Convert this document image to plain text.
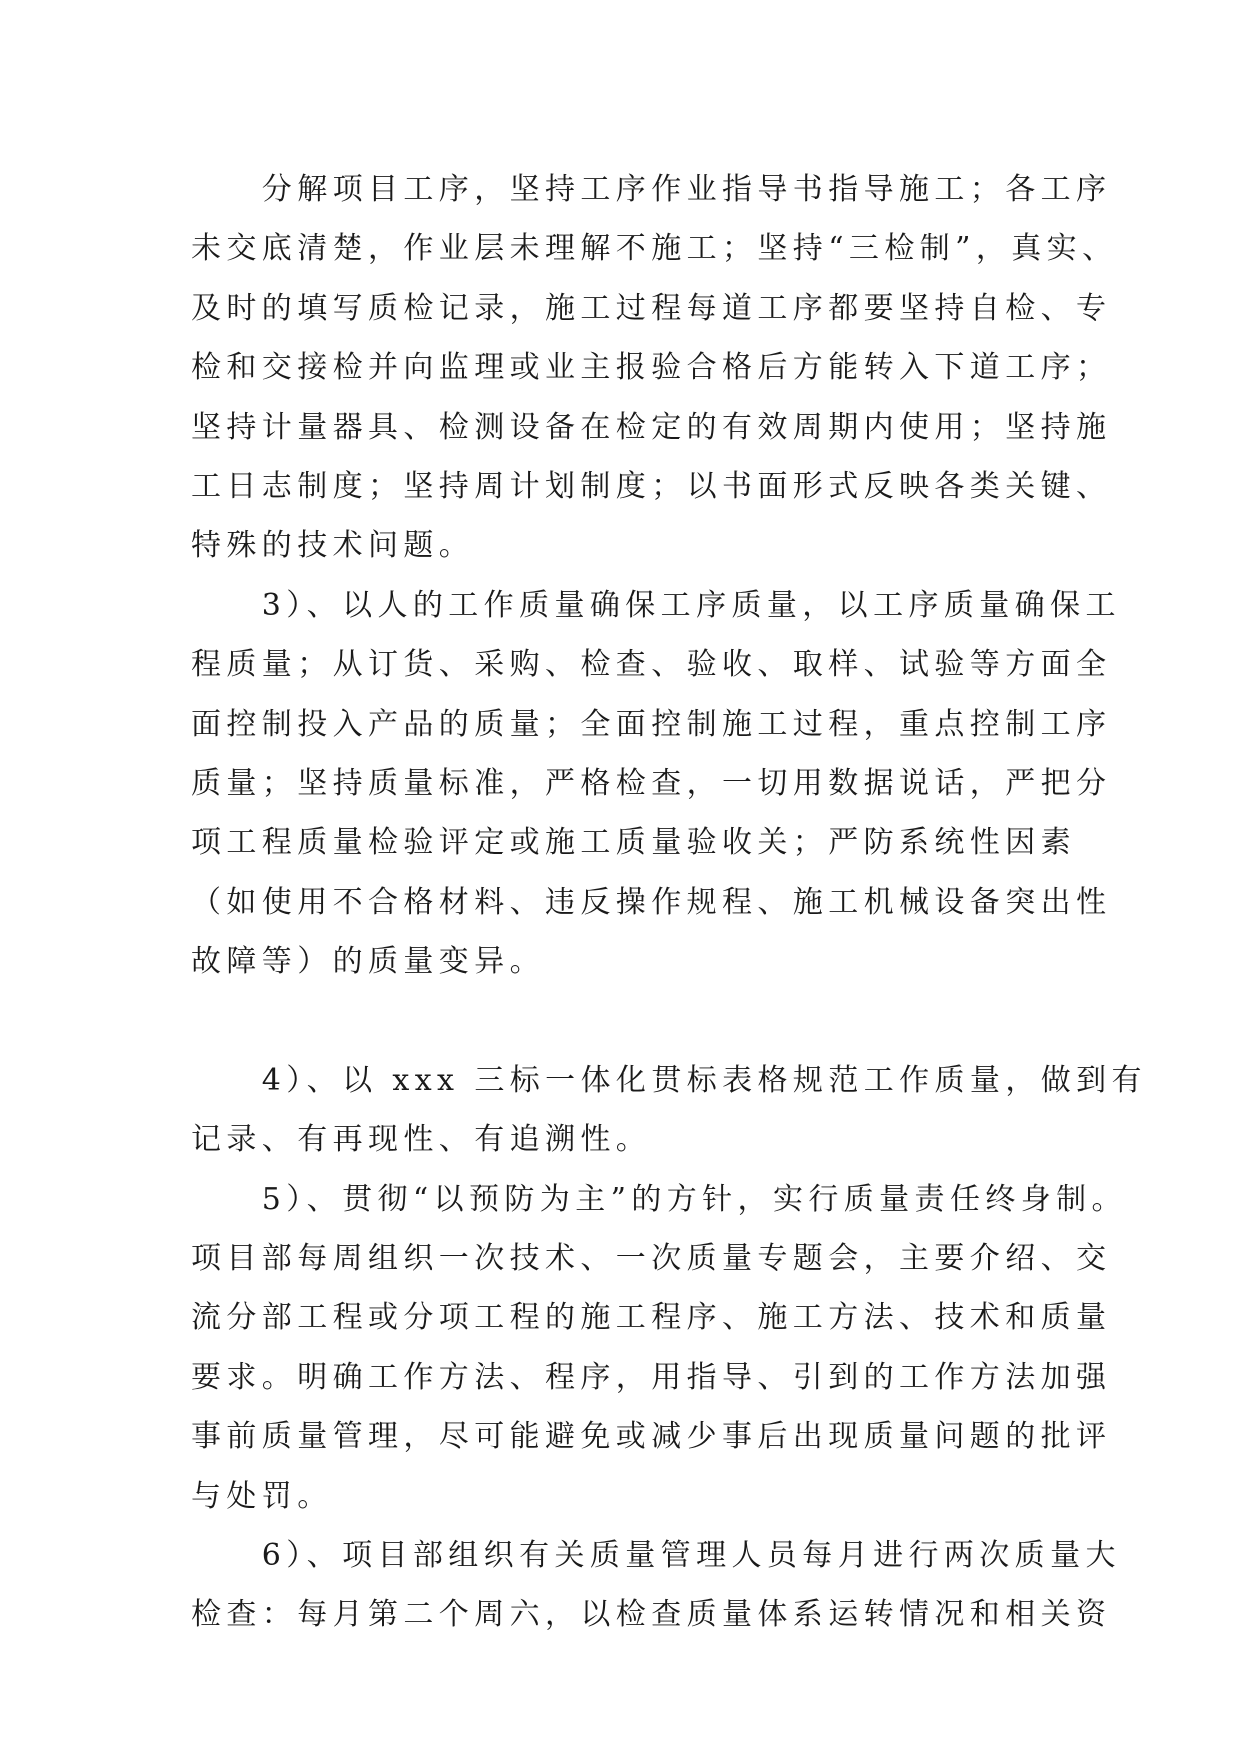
　　分解项目工序，坚持工序作业指导书指导施工；各工序
未交底清楚，作业层未理解不施工；坚持“三检制”，真实、
及时的填写质检记录，施工过程每道工序都要坚持自检、专
检和交接检并向监理或业主报验合格后方能转入下道工序；
坚持计量器具、检测设备在检定的有效周期内使用；坚持施
工日志制度；坚持周计划制度；以书面形式反映各类关键、
特殊的技术问题。
　　3）、以人的工作质量确保工序质量，以工序质量确保工
程质量；从订货、采购、检查、验收、取样、试验等方面全
面控制投入产品的质量；全面控制施工过程，重点控制工序
质量；坚持质量标准，严格检查，一切用数据说话，严把分
项工程质量检验评定或施工质量验收关；严防系统性因素
（如使用不合格材料、违反操作规程、施工机械设备突出性
故障等）的质量变异。
　　4）、以 xxx 三标一体化贯标表格规范工作质量，做到有
记录、有再现性、有追溯性。
　　5）、贯彻“以预防为主”的方针，实行质量责任终身制。
项目部每周组织一次技术、一次质量专题会，主要介绍、交
流分部工程或分项工程的施工程序、施工方法、技术和质量
要求。明确工作方法、程序，用指导、引到的工作方法加强
事前质量管理，尽可能避免或减少事后出现质量问题的批评
与处罚。
　　6）、项目部组织有关质量管理人员每月进行两次质量大
检查：每月第二个周六，以检查质量体系运转情况和相关资
